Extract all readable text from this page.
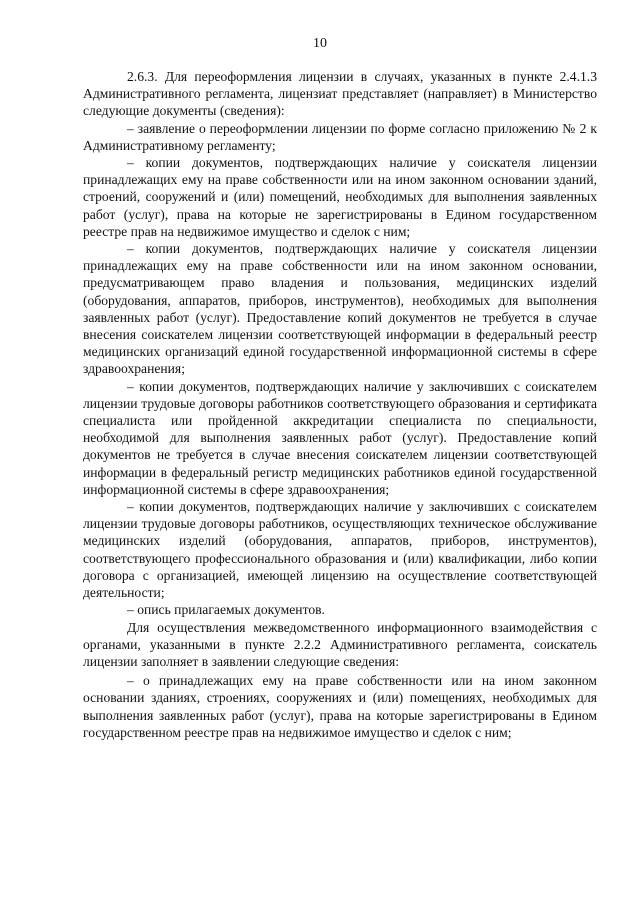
10

2.6.3. Для переоформления лицензии в случаях, указанных в пункте 2.4.1.3 Административного регламента, лицензиат представляет (направляет) в Министерство следующие документы (сведения):

– заявление о переоформлении лицензии по форме согласно приложению № 2 к Административному регламенту;

– копии документов, подтверждающих наличие у соискателя лицензии принадлежащих ему на праве собственности или на ином законном основании зданий, строений, сооружений и (или) помещений, необходимых для выполнения заявленных работ (услуг), права на которые не зарегистрированы в Едином государственном реестре прав на недвижимое имущество и сделок с ним;

– копии документов, подтверждающих наличие у соискателя лицензии принадлежащих ему на праве собственности или на ином законном основании, предусматривающем право владения и пользования, медицинских изделий (оборудования, аппаратов, приборов, инструментов), необходимых для выполнения заявленных работ (услуг). Предоставление копий документов не требуется в случае внесения соискателем лицензии соответствующей информации в федеральный реестр медицинских организаций единой государственной информационной системы в сфере здравоохранения;

– копии документов, подтверждающих наличие у заключивших с соискателем лицензии трудовые договоры работников соответствующего образования и сертификата специалиста или пройденной аккредитации специалиста по специальности, необходимой для выполнения заявленных работ (услуг). Предоставление копий документов не требуется в случае внесения соискателем лицензии соответствующей информации в федеральный регистр медицинских работников единой государственной информационной системы в сфере здравоохранения;

– копии документов, подтверждающих наличие у заключивших с соискателем лицензии трудовые договоры работников, осуществляющих техническое обслуживание медицинских изделий (оборудования, аппаратов, приборов, инструментов), соответствующего профессионального образования и (или) квалификации, либо копии договора с организацией, имеющей лицензию на осуществление соответствующей деятельности;

– опись прилагаемых документов.

Для осуществления межведомственного информационного взаимодействия с органами, указанными в пункте 2.2.2 Административного регламента, соискатель лицензии заполняет в заявлении следующие сведения:

– о принадлежащих ему на праве собственности или на ином законном основании зданиях, строениях, сооружениях и (или) помещениях, необходимых для выполнения заявленных работ (услуг), права на которые зарегистрированы в Едином государственном реестре прав на недвижимое имущество и сделок с ним;
